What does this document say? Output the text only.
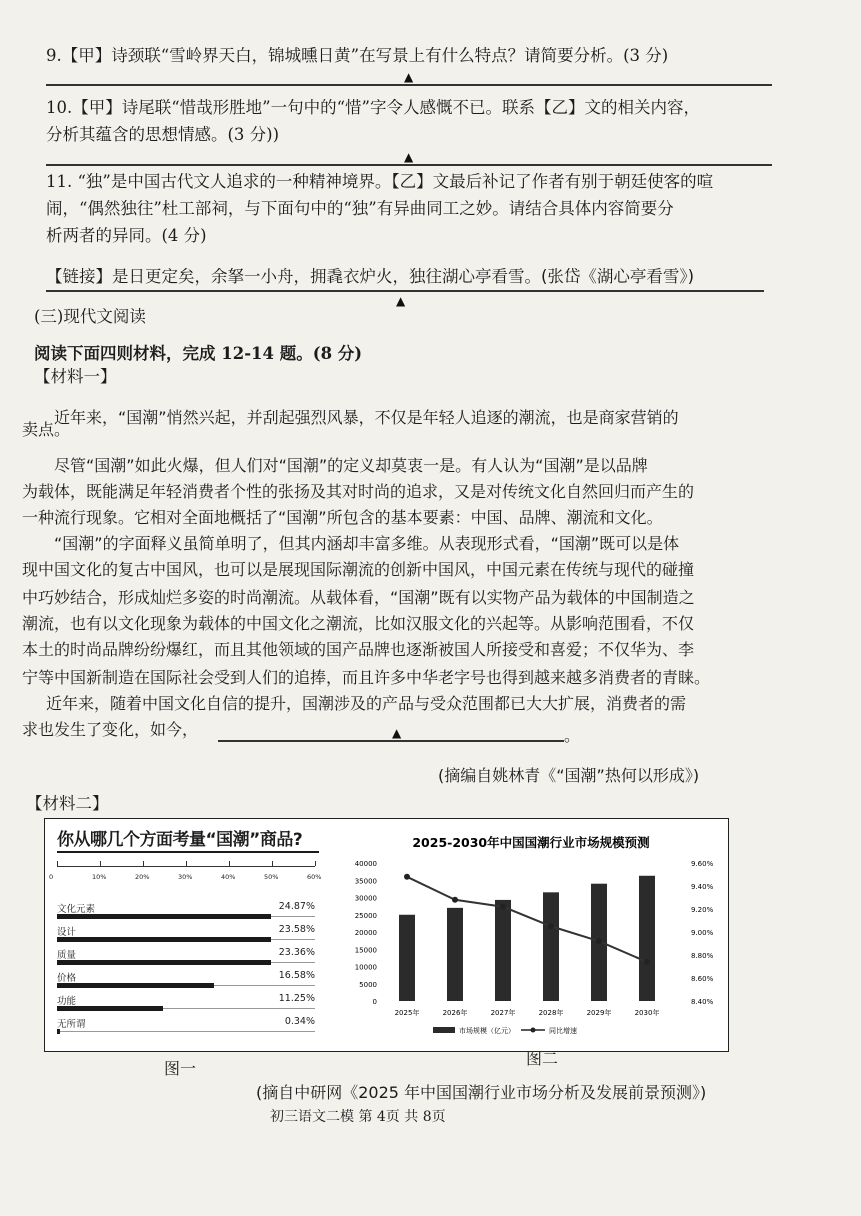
9.【甲】诗颈联“雪岭界天白，锦城曛日黄”在写景上有什么特点？请简要分析。(3 分)
▲
10.【甲】诗尾联“惜哉形胜地”一句中的“惜”字令人感慨不已。联系【乙】文的相关内容，
分析其蕴含的思想情感。(3 分))
▲
11. “独”是中国古代文人追求的一种精神境界。【乙】文最后补记了作者有别于朝廷使客的喧
闹，“偶然独往”杜工部祠，与下面句中的“独”有异曲同工之妙。请结合具体内容简要分
析两者的异同。(4 分)
【链接】是日更定矣，余拏一小舟，拥毳衣炉火，独往湖心亭看雪。(张岱《湖心亭看雪》)
▲
(三)现代文阅读
阅读下面四则材料，完成 12-14 题。(8 分)
【材料一】
近年来，“国潮”悄然兴起，并刮起强烈风暴，不仅是年轻人追逐的潮流，也是商家营销的
卖点。
尽管“国潮”如此火爆，但人们对“国潮”的定义却莫衷一是。有人认为“国潮”是以品牌
为载体，既能满足年轻消费者个性的张扬及其对时尚的追求，又是对传统文化自然回归而产生的
一种流行现象。它相对全面地概括了“国潮”所包含的基本要素：中国、品牌、潮流和文化。
“国潮”的字面释义虽简单明了，但其内涵却丰富多维。从表现形式看，“国潮”既可以是体
现中国文化的复古中国风，也可以是展现国际潮流的创新中国风，中国元素在传统与现代的碰撞
中巧妙结合，形成灿烂多姿的时尚潮流。从载体看，“国潮”既有以实物产品为载体的中国制造之
潮流，也有以文化现象为载体的中国文化之潮流，比如汉服文化的兴起等。从影响范围看，不仅
本土的时尚品牌纷纷爆红，而且其他领域的国产品牌也逐渐被国人所接受和喜爱；不仅华为、李
宁等中国新制造在国际社会受到人们的追捧，而且许多中华老字号也得到越来越多消费者的青睐。
近年来，随着中国文化自信的提升，国潮涉及的产品与受众范围都已大大扩展，消费者的需
求也发生了变化，如今，	▲	。
(摘编自姚林青《“国潮”热何以形成》)
【材料二】
你从哪几个方面考量“国潮”商品?
0	10%	20%	30%	40%	50%	60%
文化元素	24.87%
设计	23.58%
质量	23.36%
价格	16.58%
功能	11.25%
无所谓	0.34%
2025-2030年中国国潮行业市场规模预测
0
5000
10000
15000
20000
25000
30000
35000
40000
8.40%
8.60%
8.80%
9.00%
9.20%
9.40%
9.60%
2025年	2026年	2027年	2028年	2029年	2030年
市场规模（亿元）	同比增速
图一
图二
(摘自中研网《2025 年中国国潮行业市场分析及发展前景预测》)
初三语文二模 第 4页 共 8页
